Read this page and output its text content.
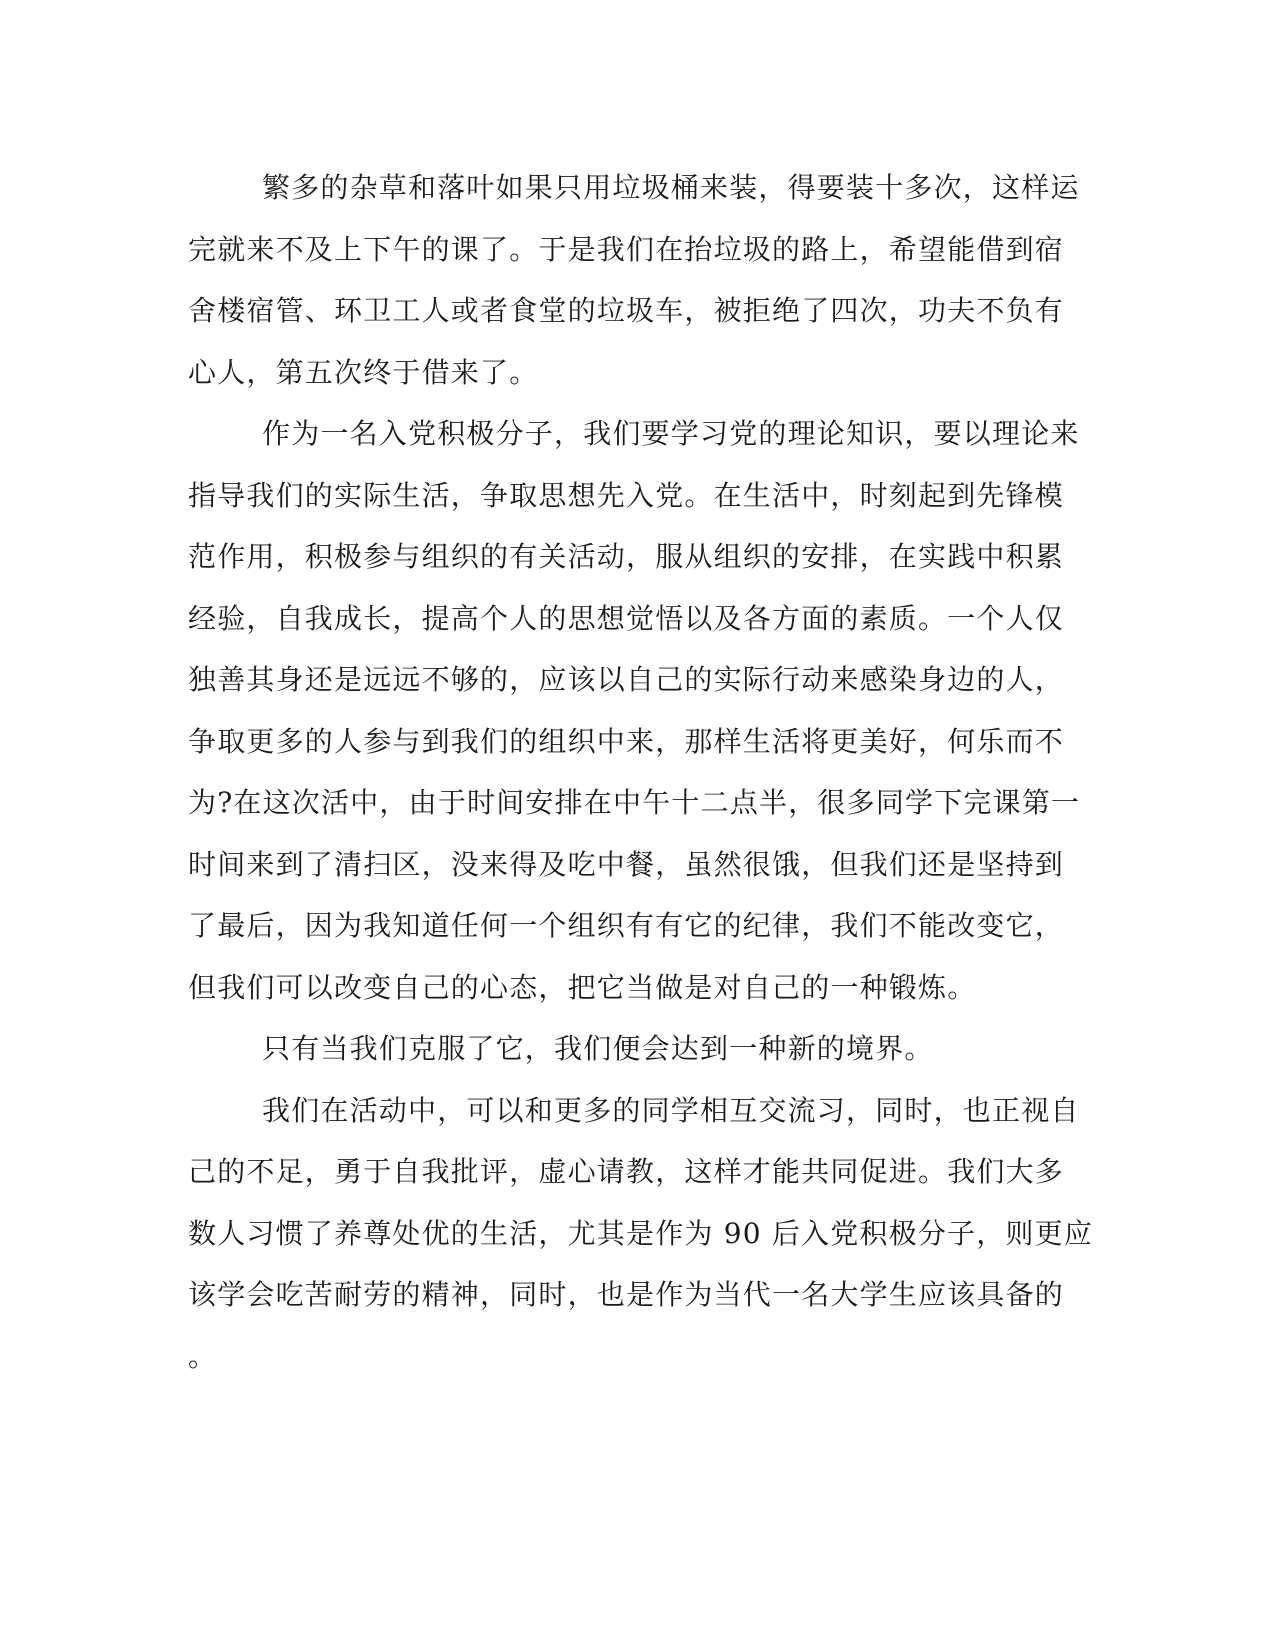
繁多的杂草和落叶如果只用垃圾桶来装，得要装十多次，这样运
完就来不及上下午的课了。于是我们在抬垃圾的路上，希望能借到宿
舍楼宿管、环卫工人或者食堂的垃圾车，被拒绝了四次，功夫不负有
心人，第五次终于借来了。
作为一名入党积极分子，我们要学习党的理论知识，要以理论来
指导我们的实际生活，争取思想先入党。在生活中，时刻起到先锋模
范作用，积极参与组织的有关活动，服从组织的安排，在实践中积累
经验，自我成长，提高个人的思想觉悟以及各方面的素质。一个人仅
独善其身还是远远不够的，应该以自己的实际行动来感染身边的人，
争取更多的人参与到我们的组织中来，那样生活将更美好，何乐而不
为?在这次活中，由于时间安排在中午十二点半，很多同学下完课第一
时间来到了清扫区，没来得及吃中餐，虽然很饿，但我们还是坚持到
了最后，因为我知道任何一个组织有有它的纪律，我们不能改变它，
但我们可以改变自己的心态，把它当做是对自己的一种锻炼。
只有当我们克服了它，我们便会达到一种新的境界。
我们在活动中，可以和更多的同学相互交流习，同时，也正视自
己的不足，勇于自我批评，虚心请教，这样才能共同促进。我们大多
数人习惯了养尊处优的生活，尤其是作为 90 后入党积极分子，则更应
该学会吃苦耐劳的精神，同时，也是作为当代一名大学生应该具备的
。
